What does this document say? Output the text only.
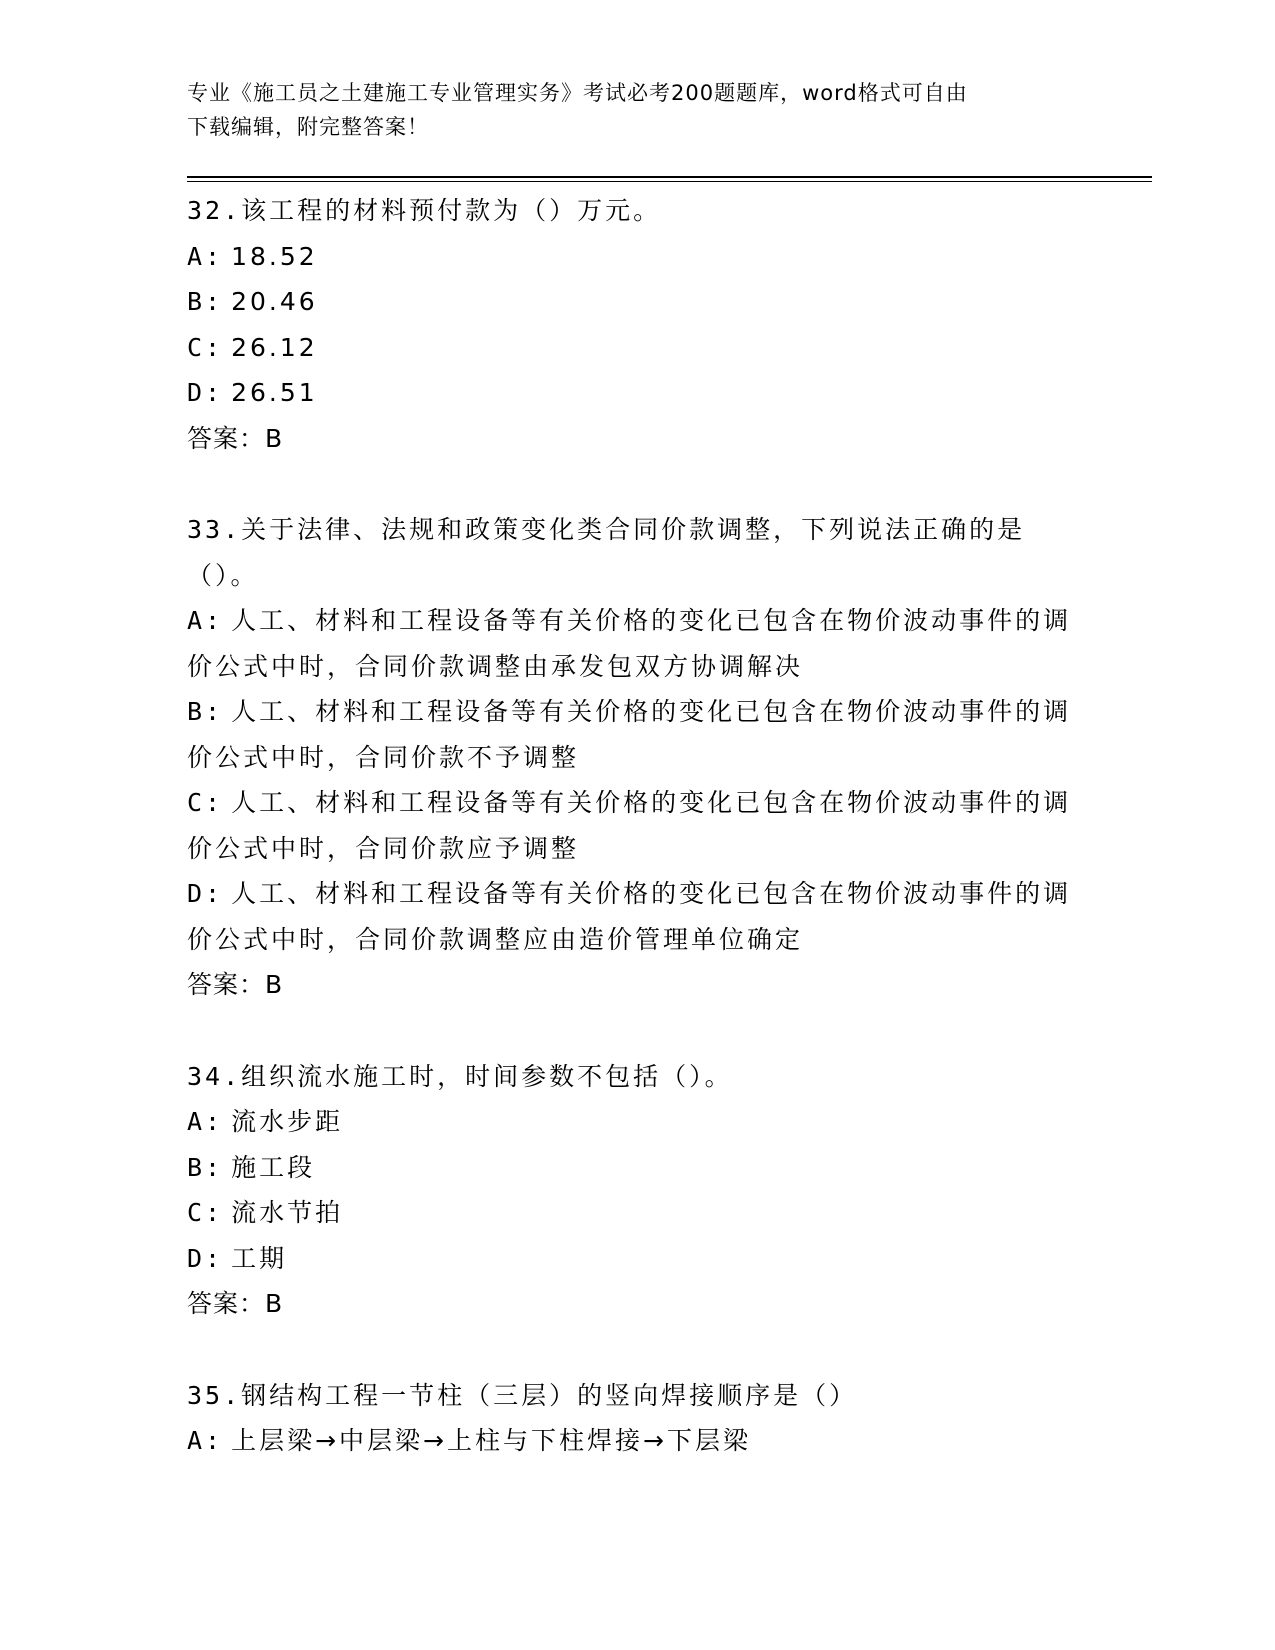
专业《施工员之土建施工专业管理实务》考试必考200题题库，word格式可自由
下载编辑，附完整答案！

32.该工程的材料预付款为（）万元。

A: 18.52

B: 20.46

C: 26.12

D: 26.51

答案：B

33.关于法律、法规和政策变化类合同价款调整，下列说法正确的是（）。

A: 人工、材料和工程设备等有关价格的变化已包含在物价波动事件的调价公式中时，合同价款调整由承发包双方协调解决

B: 人工、材料和工程设备等有关价格的变化已包含在物价波动事件的调价公式中时，合同价款不予调整

C: 人工、材料和工程设备等有关价格的变化已包含在物价波动事件的调价公式中时，合同价款应予调整

D: 人工、材料和工程设备等有关价格的变化已包含在物价波动事件的调价公式中时，合同价款调整应由造价管理单位确定

答案：B

34.组织流水施工时，时间参数不包括（）。

A: 流水步距

B: 施工段

C: 流水节拍

D: 工期

答案：B

35.钢结构工程一节柱（三层）的竖向焊接顺序是（）

A: 上层梁→中层梁→上柱与下柱焊接→下层梁
